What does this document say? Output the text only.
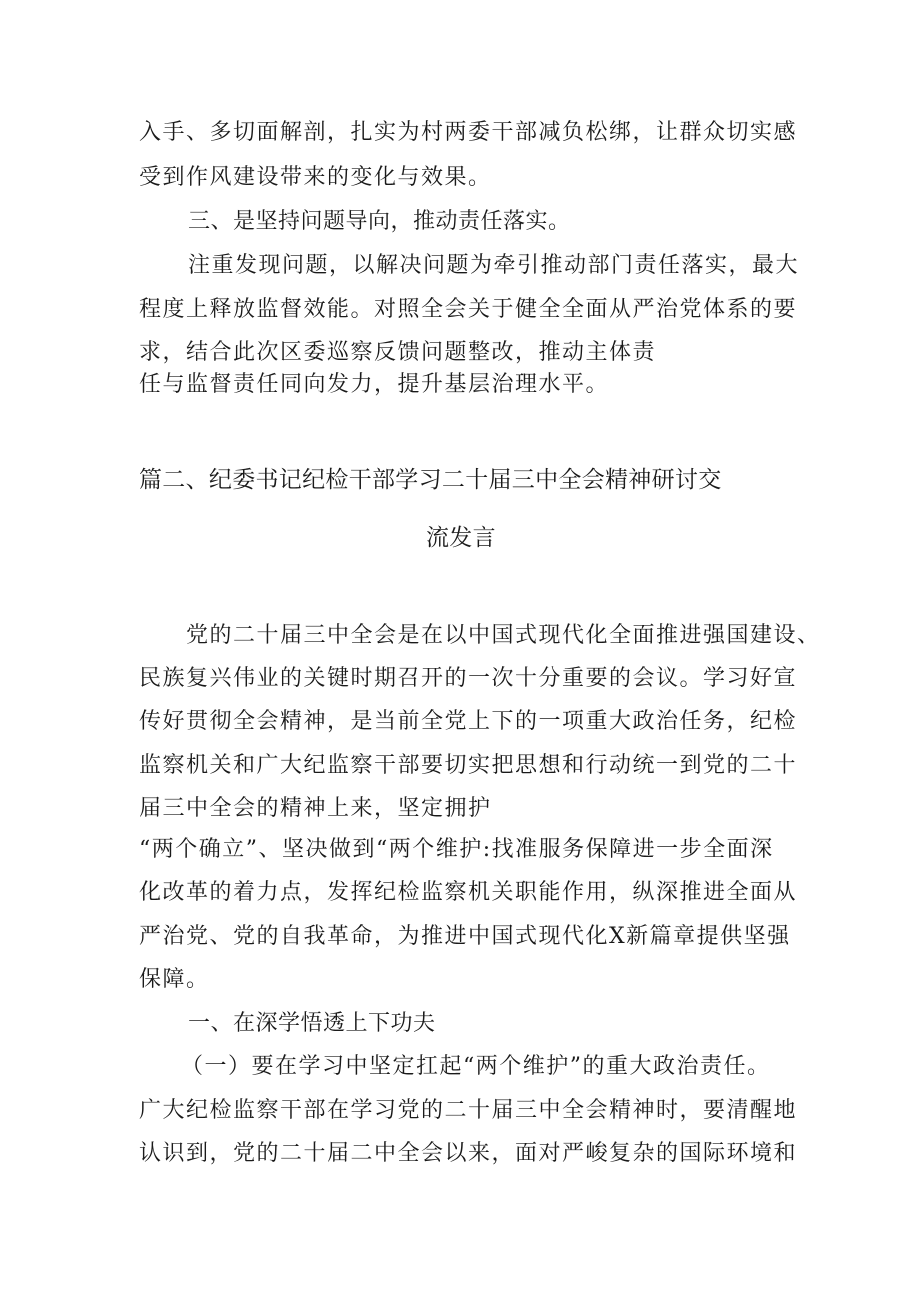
入手、多切面解剖，扎实为村两委干部减负松绑，让群众切实感
受到作风建设带来的变化与效果。
三、是坚持问题导向，推动责任落实。
注重发现问题，以解决问题为牵引推动部门责任落实，最大
程度上释放监督效能。对照全会关于健全全面从严治党体系的要
求，结合此次区委巡察反馈问题整改，推动主体责
任与监督责任同向发力，提升基层治理水平。
篇二、纪委书记纪检干部学习二十届三中全会精神研讨交
流发言
党的二十届三中全会是在以中国式现代化全面推进强国建设、
民族复兴伟业的关键时期召开的一次十分重要的会议。学习好宣
传好贯彻全会精神，是当前全党上下的一项重大政治任务，纪检
监察机关和广大纪监察干部要切实把思想和行动统一到党的二十
届三中全会的精神上来，坚定拥护
“两个确立”、坚决做到“两个维护:找准服务保障进一步全面深
化改革的着力点，发挥纪检监察机关职能作用，纵深推进全面从
严治党、党的自我革命，为推进中国式现代化X新篇章提供坚强
保障。
一、在深学悟透上下功夫
（一）要在学习中坚定扛起“两个维护”的重大政治责任。
广大纪检监察干部在学习党的二十届三中全会精神时，要清醒地
认识到，党的二十届二中全会以来，面对严峻复杂的国际环境和
